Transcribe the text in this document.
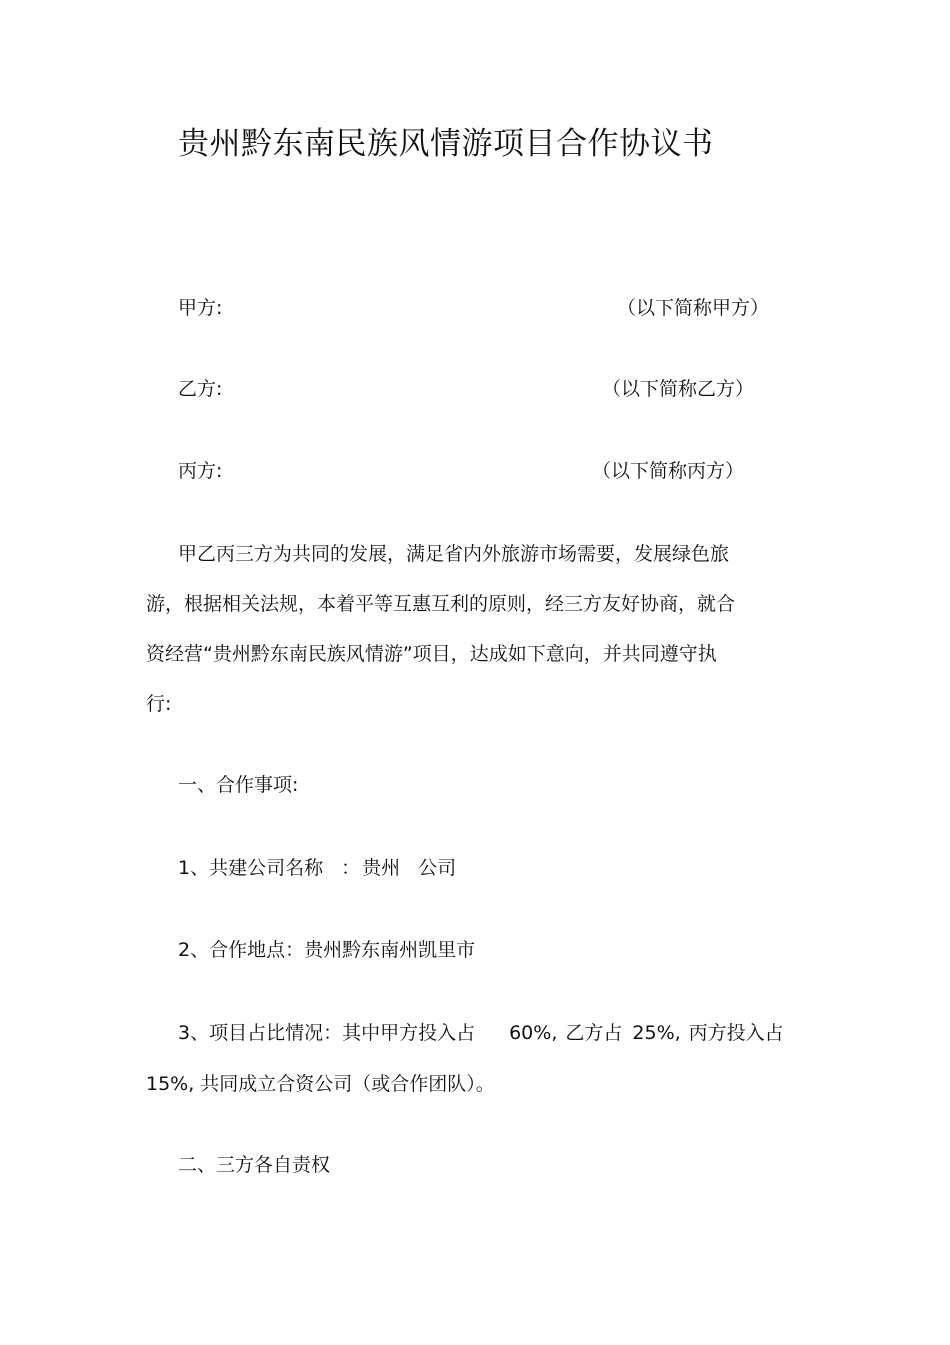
贵州黔东南民族风情游项目合作协议书
甲方:	（以下简称甲方）
乙方:	（以下简称乙方）
丙方:	（以下简称丙方）
甲乙丙三方为共同的发展，满足省内外旅游市场需要，发展绿色旅
游，根据相关法规，本着平等互惠互利的原则，经三方友好协商，就合
资经营“贵州黔东南民族风情游”项目，达成如下意向，并共同遵守执
行:
一、合作事项:
1、共建公司名称 ： 贵州 公司
2、合作地点：贵州黔东南州凯里市
3、项目占比情况：其中甲方投入占 60%, 乙方占 25%, 丙方投入占
15%, 共同成立合资公司（或合作团队）。
二、三方各自责权
